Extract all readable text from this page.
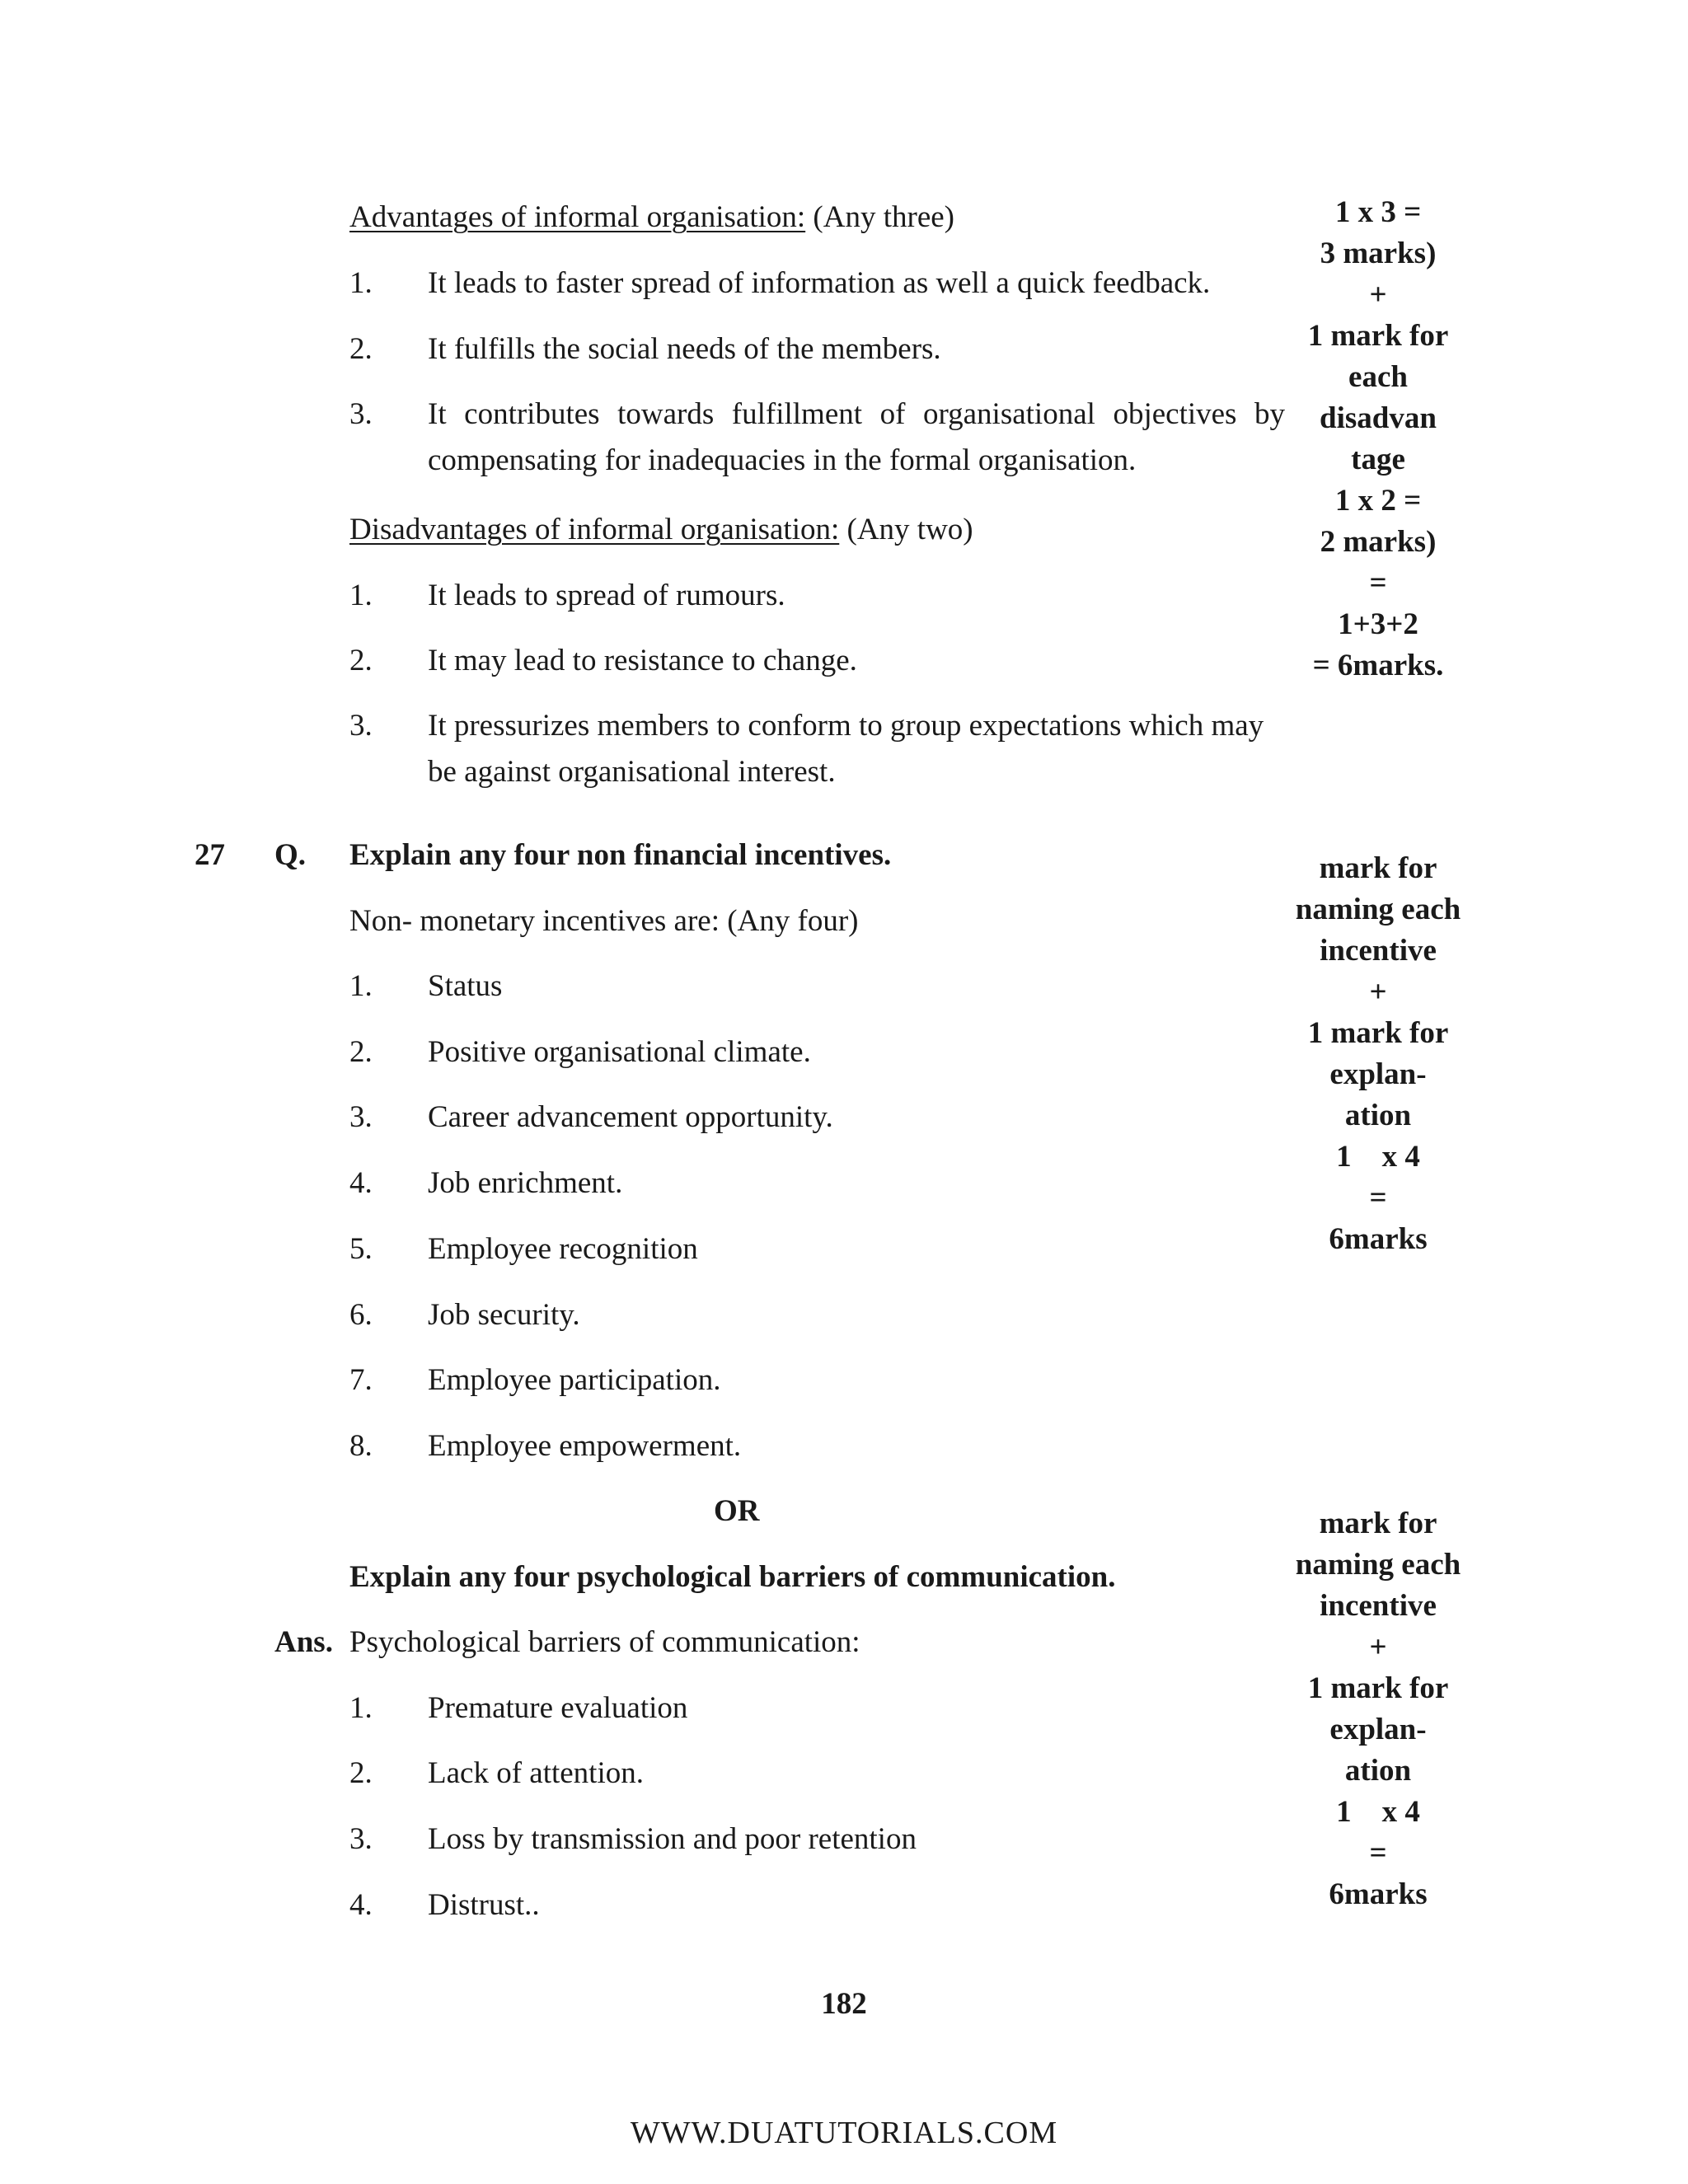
Advantages of informal organisation: (Any three)
1.	It leads to faster spread of information as well a quick feedback.
2.	It fulfills the social needs of the members.
3.	It contributes towards fulfillment of organisational objectives by compensating for inadequacies in the formal organisation.
Disadvantages of informal organisation: (Any two)
1.	It leads to spread of rumours.
2.	It may lead to resistance to change.
3.	It pressurizes members to conform to group expectations which may be against organisational interest.
1 x 3 =
3 marks)
+
1 mark for
each
disadvan
tage
1 x 2 =
2 marks)
=
1+3+2
= 6marks.
27 Q. Explain any four non financial incentives.
Non- monetary incentives are: (Any four)
1.	Status
2.	Positive organisational climate.
3.	Career advancement opportunity.
4.	Job enrichment.
5.	Employee recognition
6.	Job security.
7.	Employee participation.
8.	Employee empowerment.
mark for
naming each
incentive
+
1 mark for
explan-
ation
1    x 4
=
6marks
OR
Explain any four psychological barriers of communication.
Ans. Psychological barriers of communication:
1.	Premature evaluation
2.	Lack of attention.
3.	Loss by transmission and poor retention
4.	Distrust..
mark for
naming each
incentive
+
1 mark for
explan-
ation
1    x 4
=
6marks
182
WWW.DUATUTORIALS.COM
